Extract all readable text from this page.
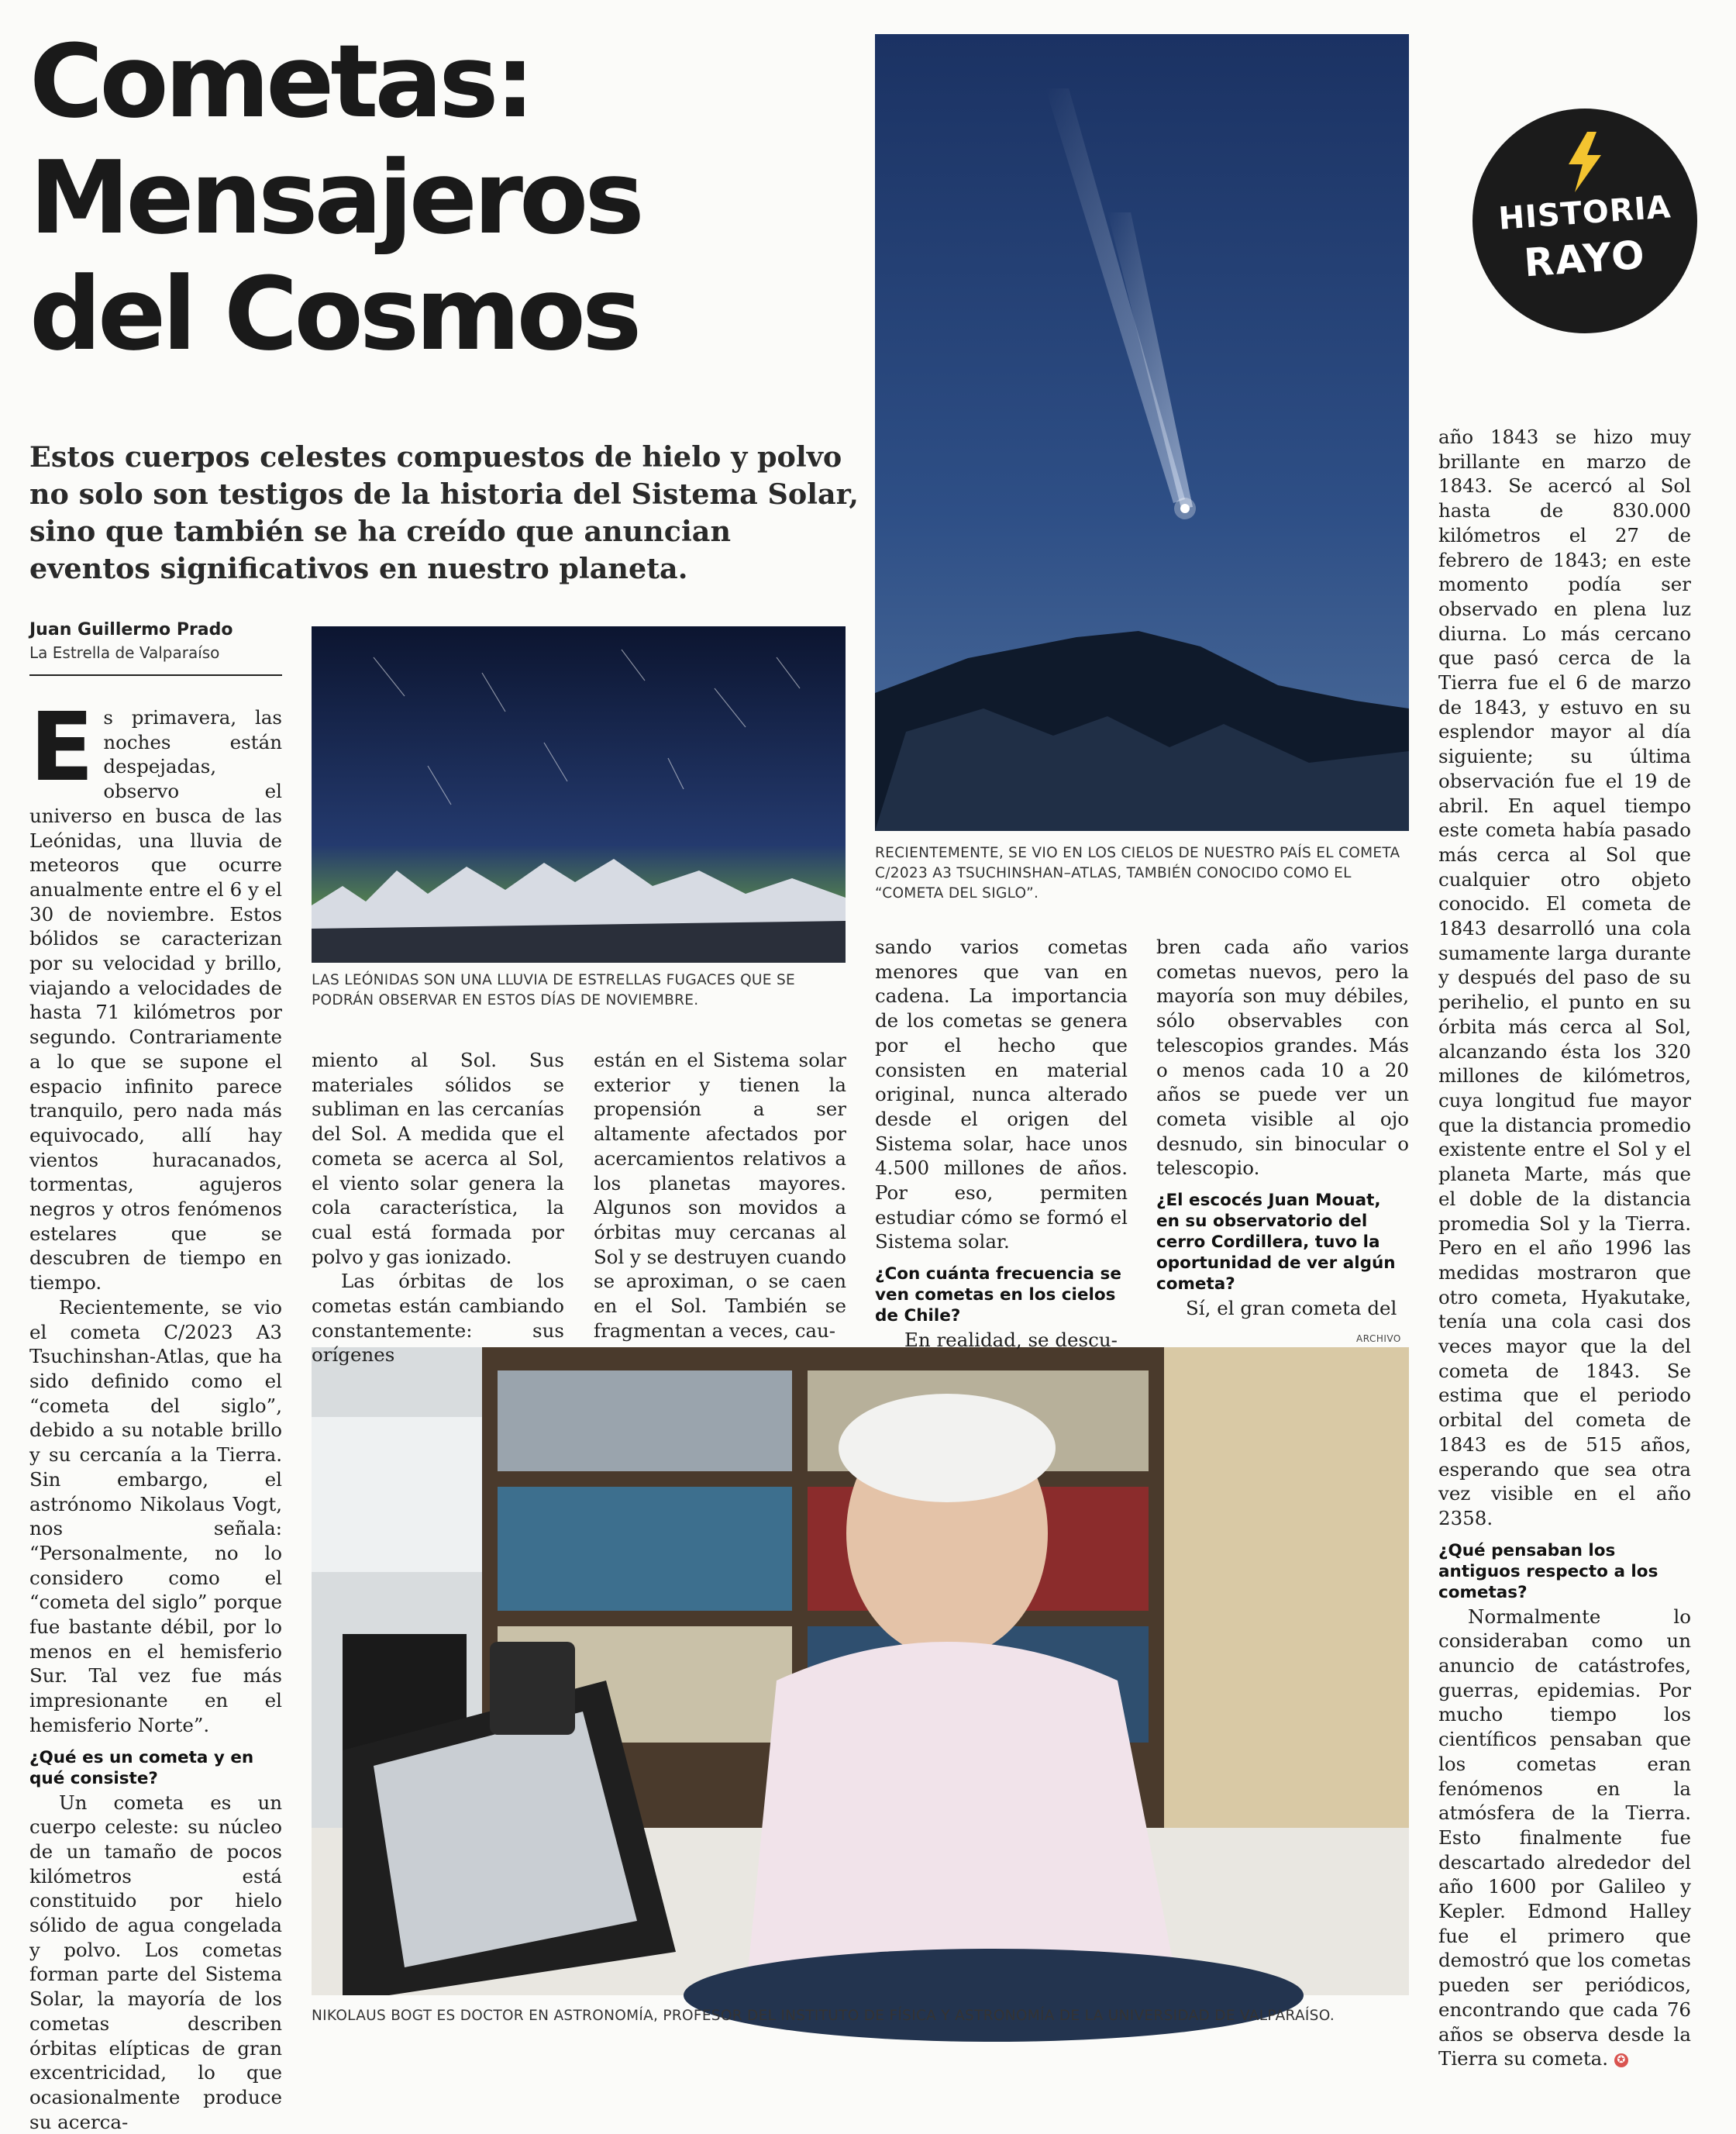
Cometas:
Mensajeros
del Cosmos
Estos cuerpos celestes compuestos de hielo y polvo
no solo son testigos de la historia del Sistema Solar,
sino que también se ha creído que anuncian
eventos significativos en nuestro planeta.
Juan Guillermo Prado
La Estrella de Valparaíso
HISTORIA
RAYO
RECIENTEMENTE, SE VIO EN LOS CIELOS DE NUESTRO PAÍS EL COMETA C/2023 A3 TSUCHINSHAN–ATLAS, TAMBIÉN CONOCIDO COMO EL “COMETA DEL SIGLO”.
LAS LEÓNIDAS SON UNA LLUVIA DE ESTRELLAS FUGACES QUE SE PODRÁN OBSERVAR EN ESTOS DÍAS DE NOVIEMBRE.
NIKOLAUS BOGT ES DOCTOR EN ASTRONOMÍA, PROFESOR DEL INSTITUTO DE FÍSICA Y ASTRONOMÍA DE LA UNIVERSIDAD DE VALPARAÍSO.
ARCHIVO

Es primavera, las noches están despejadas, observo el universo en busca de las Leónidas, una lluvia de meteoros que ocurre anualmente entre el 6 y el 30 de noviembre. Estos bólidos se caracterizan por su velocidad y brillo, viajando a velocidades de hasta 71 kilómetros por segundo. Contrariamente a lo que se supone el espacio infinito parece tranquilo, pero nada más equivocado, allí hay vientos huracanados, tormentas, agujeros negros y otros fenómenos estelares que se descubren de tiempo en tiempo.

Recientemente, se vio el cometa C/2023 A3 Tsuchinshan-Atlas, que ha sido definido como el “cometa del siglo”, debido a su notable brillo y su cercanía a la Tierra. Sin embargo, el astrónomo Nikolaus Vogt, nos señala: “Personalmente, no lo considero como el “cometa del siglo” porque fue bastante débil, por lo menos en el hemisferio Sur. Tal vez fue más impresionante en el hemisferio Norte”.

¿Qué es un cometa y en qué consiste?

Un cometa es un cuerpo celeste: su núcleo de un tamaño de pocos kilómetros está constituido por hielo sólido de agua congelada y polvo. Los cometas forman parte del Sistema Solar, la mayoría de los cometas describen órbitas elípticas de gran excentricidad, lo que ocasionalmente produce su acerca-

miento al Sol. Sus materiales sólidos se subliman en las cercanías del Sol. A medida que el cometa se acerca al Sol, el viento solar genera la cola característica, la cual está formada por polvo y gas ionizado.

Las órbitas de los cometas están cambiando constantemente: sus orígenes

están en el Sistema solar exterior y tienen la propensión a ser altamente afectados por acercamientos relativos a los planetas mayores. Algunos son movidos a órbitas muy cercanas al Sol y se destruyen cuando se aproximan, o se caen en el Sol. También se fragmentan a veces, cau-

sando varios cometas menores que van en cadena. La importancia de los cometas se genera por el hecho que consisten en material original, nunca alterado desde el origen del Sistema solar, hace unos 4.500 millones de años. Por eso, permiten estudiar cómo se formó el Sistema solar.

¿Con cuánta frecuencia se ven cometas en los cielos de Chile?

En realidad, se descu-

bren cada año varios cometas nuevos, pero la mayoría son muy débiles, sólo observables con telescopios grandes. Más o menos cada 10 a 20 años se puede ver un cometa visible al ojo desnudo, sin binocular o telescopio.

¿El escocés Juan Mouat, en su observatorio del cerro Cordillera, tuvo la oportunidad de ver algún cometa?

Sí, el gran cometa del

año 1843 se hizo muy brillante en marzo de 1843. Se acercó al Sol hasta de 830.000 kilómetros el 27 de febrero de 1843; en este momento podía ser observado en plena luz diurna. Lo más cercano que pasó cerca de la Tierra fue el 6 de marzo de 1843, y estuvo en su esplendor mayor al día siguiente; su última observación fue el 19 de abril. En aquel tiempo este cometa había pasado más cerca al Sol que cualquier otro objeto conocido. El cometa de 1843 desarrolló una cola sumamente larga durante y después del paso de su perihelio, el punto en su órbita más cerca al Sol, alcanzando ésta los 320 millones de kilómetros, cuya longitud fue mayor que la distancia promedio existente entre el Sol y el planeta Marte, más que el doble de la distancia promedia Sol y la Tierra. Pero en el año 1996 las medidas mostraron que otro cometa, Hyakutake, tenía una cola casi dos veces mayor que la del cometa de 1843. Se estima que el periodo orbital del cometa de 1843 es de 515 años, esperando que sea otra vez visible en el año 2358.

¿Qué pensaban los antiguos respecto a los cometas?

Normalmente lo consideraban como un anuncio de catástrofes, guerras, epidemias. Por mucho tiempo los científicos pensaban que los cometas eran fenómenos en la atmósfera de la Tierra. Esto finalmente fue descartado alrededor del año 1600 por Galileo y Kepler. Edmond Halley fue el primero que demostró que los cometas pueden ser periódicos, encontrando que cada 76 años se observa desde la Tierra su cometa. ✪
